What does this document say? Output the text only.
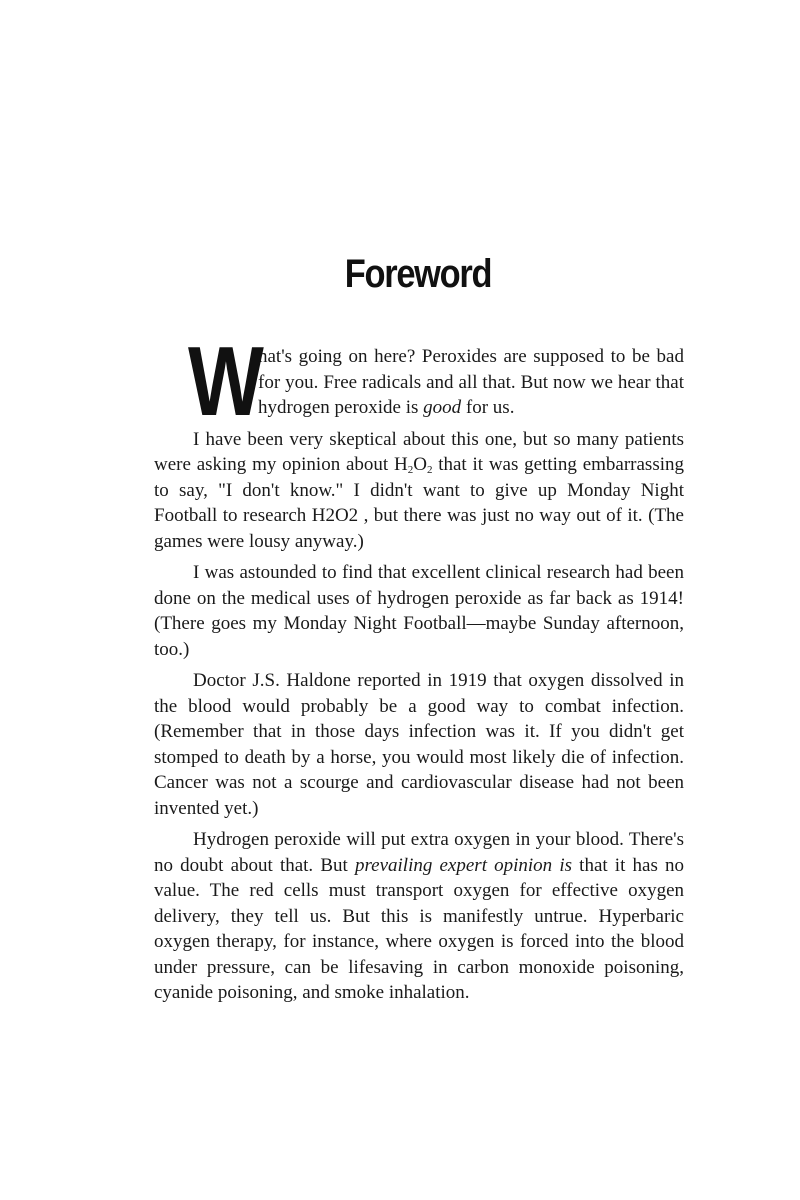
Foreword

W
hat's going on here? Peroxides are supposed to be bad for you. Free radicals and all that. But now we hear that hydrogen peroxide is good for us.

I have been very skeptical about this one, but so many patients were asking my opinion about $H_2O_2$ that it was getting embarrassing to say, "I don't know." I didn't want to give up Monday Night Football to research H2O2 , but there was just no way out of it. (The games were lousy anyway.)

I was astounded to find that excellent clinical research had been done on the medical uses of hydrogen peroxide as far back as 1914! (There goes my Monday Night Football—maybe Sunday afternoon, too.)

Doctor J.S. Haldone reported in 1919 that oxygen dissolved in the blood would probably be a good way to combat infection. (Remember that in those days infection was it. If you didn't get stomped to death by a horse, you would most likely die of infection. Cancer was not a scourge and cardiovascular disease had not been invented yet.)

Hydrogen peroxide will put extra oxygen in your blood. There's no doubt about that. But prevailing expert opinion is that it has no value. The red cells must transport oxygen for effective oxygen delivery, they tell us. But this is manifestly untrue. Hyperbaric oxygen therapy, for instance, where oxygen is forced into the blood under pressure, can be lifesaving in carbon monoxide poisoning, cyanide poisoning, and smoke inhalation.
